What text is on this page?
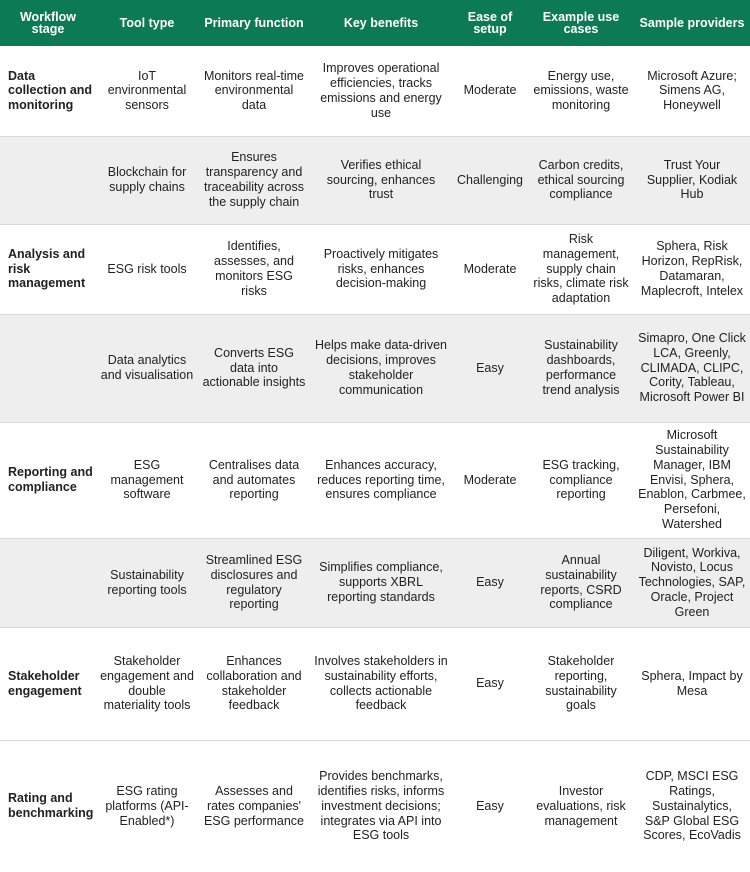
Workflow stage	Tool type	Primary function	Key benefits	Ease of setup	Example use cases	Sample providers
Data collection and monitoring	IoT environmental sensors	Monitors real-time environmental data	Improves operational efficiencies, tracks emissions and energy use	Moderate	Energy use, emissions, waste monitoring	Microsoft Azure; Simens AG, Honeywell
	Blockchain for supply chains	Ensures transparency and traceability across the supply chain	Verifies ethical sourcing, enhances trust	Challenging	Carbon credits, ethical sourcing compliance	Trust Your Supplier, Kodiak Hub
Analysis and risk management	ESG risk tools	Identifies, assesses, and monitors ESG risks	Proactively mitigates risks, enhances decision-making	Moderate	Risk management, supply chain risks, climate risk adaptation	Sphera, Risk Horizon, RepRisk, Datamaran, Maplecroft, Intelex
	Data analytics and visualisation	Converts ESG data into actionable insights	Helps make data-driven decisions, improves stakeholder communication	Easy	Sustainability dashboards, performance trend analysis	Simapro, One Click LCA, Greenly, CLIMADA, CLIPC, Cority, Tableau, Microsoft Power BI
Reporting and compliance	ESG management software	Centralises data and automates reporting	Enhances accuracy, reduces reporting time, ensures compliance	Moderate	ESG tracking, compliance reporting	Microsoft Sustainability Manager, IBM Envisi, Sphera, Enablon, Carbmee, Persefoni, Watershed
	Sustainability reporting tools	Streamlined ESG disclosures and regulatory reporting	Simplifies compliance, supports XBRL reporting standards	Easy	Annual sustainability reports, CSRD compliance	Diligent, Workiva, Novisto, Locus Technologies, SAP, Oracle, Project Green
Stakeholder engagement	Stakeholder engagement and double materiality tools	Enhances collaboration and stakeholder feedback	Involves stakeholders in sustainability efforts, collects actionable feedback	Easy	Stakeholder reporting, sustainability goals	Sphera, Impact by Mesa
Rating and benchmarking	ESG rating platforms (API-Enabled*)	Assesses and rates companies' ESG performance	Provides benchmarks, identifies risks, informs investment decisions; integrates via API into ESG tools	Easy	Investor evaluations, risk management	CDP, MSCI ESG Ratings, Sustainalytics, S&P Global ESG Scores, EcoVadis
